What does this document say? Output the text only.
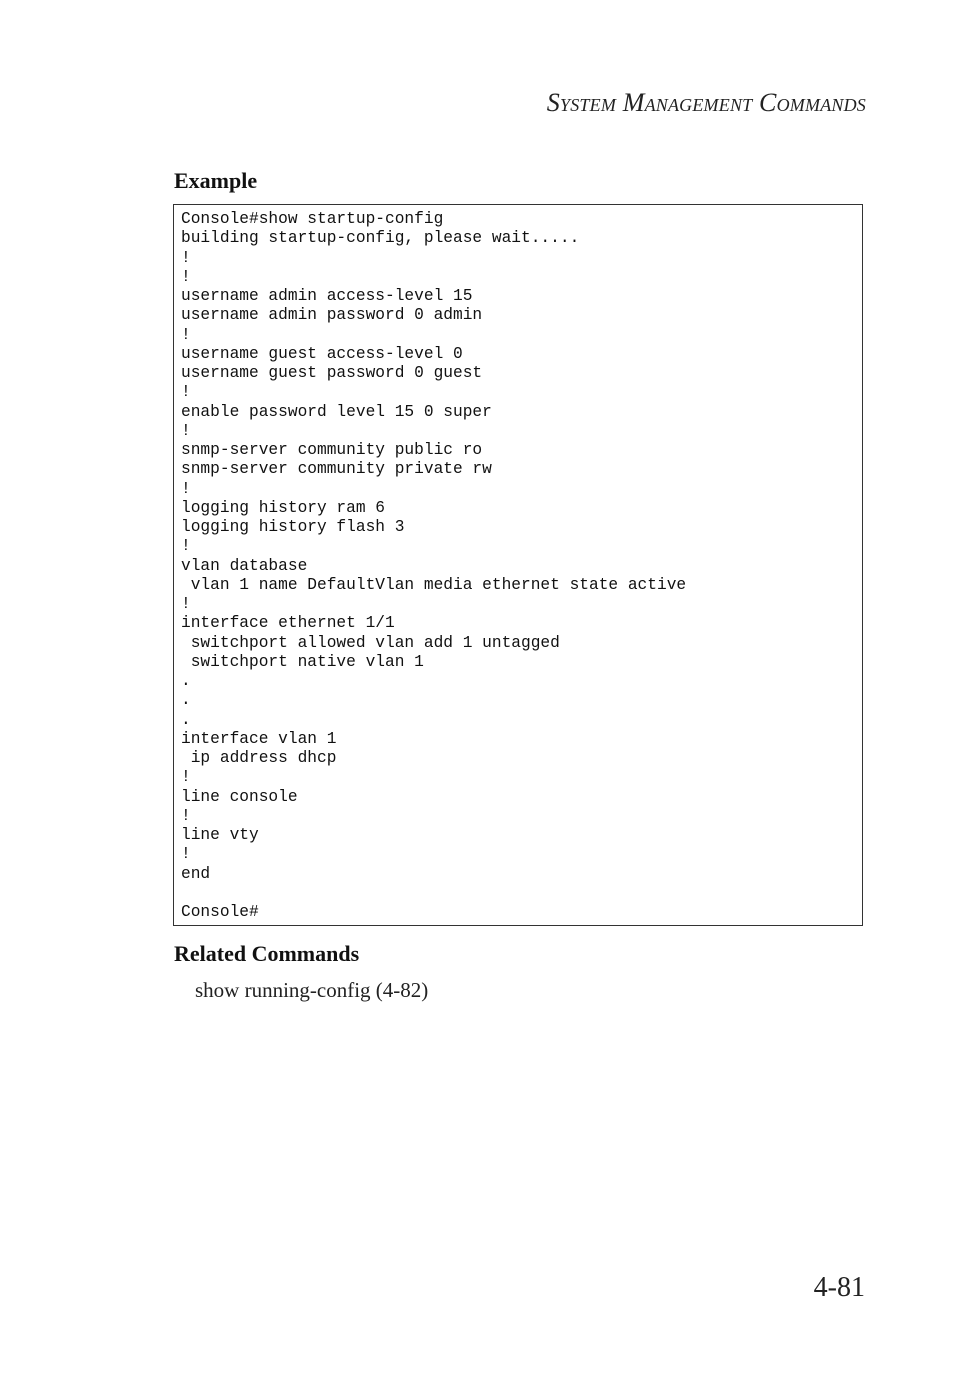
System Management Commands
Example
Console#show startup-config
building startup-config, please wait.....
!
!
username admin access-level 15
username admin password 0 admin
!
username guest access-level 0
username guest password 0 guest
!
enable password level 15 0 super
!
snmp-server community public ro
snmp-server community private rw
!
logging history ram 6
logging history flash 3
!
vlan database
vlan 1 name DefaultVlan media ethernet state active
!
interface ethernet 1/1
switchport allowed vlan add 1 untagged
switchport native vlan 1
.
.
.
interface vlan 1
ip address dhcp
!
line console
!
line vty
!
end

Console#
Related Commands
show running-config (4-82)
4-81
